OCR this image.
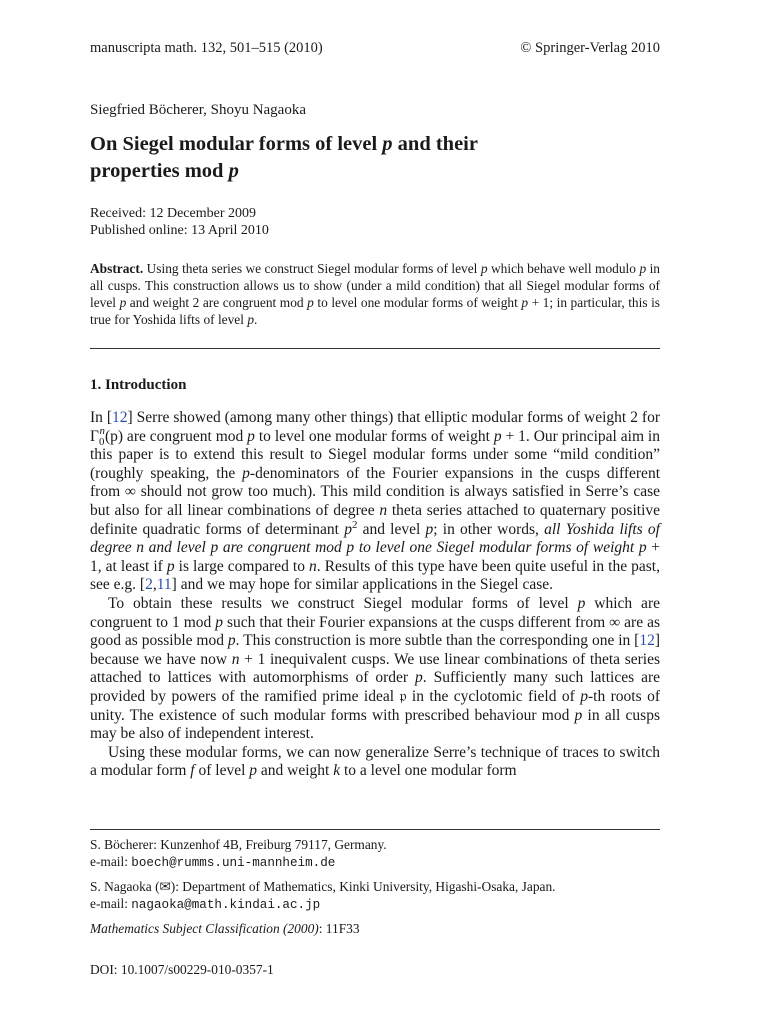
manuscripta math. 132, 501–515 (2010)	© Springer-Verlag 2010
Siegfried Böcherer, Shoyu Nagaoka
On Siegel modular forms of level p and their
properties mod p
Received: 12 December 2009
Published online: 13 April 2010

Abstract. Using theta series we construct Siegel modular forms of level p which behave well modulo p in all cusps. This construction allows us to show (under a mild condition) that all Siegel modular forms of level p and weight 2 are congruent mod p to level one modular forms of weight p + 1; in particular, this is true for Yoshida lifts of level p.

1. Introduction

In [12] Serre showed (among many other things) that elliptic modular forms of weight 2 for $\Gamma_0^n(p)$ are congruent mod p to level one modular forms of weight p + 1. Our principal aim in this paper is to extend this result to Siegel modular forms under some “mild condition” (roughly speaking, the p-denominators of the Fourier expansions in the cusps different from ∞ should not grow too much). This mild condition is always satisfied in Serre’s case but also for all linear combinations of degree n theta series attached to quaternary positive definite quadratic forms of determinant $p^2$ and level p; in other words, all Yoshida lifts of degree n and level p are congruent mod p to level one Siegel modular forms of weight p + 1, at least if p is large compared to n. Results of this type have been quite useful in the past, see e.g. [2,11] and we may hope for similar applications in the Siegel case.

To obtain these results we construct Siegel modular forms of level p which are congruent to 1 mod p such that their Fourier expansions at the cusps different from ∞ are as good as possible mod p. This construction is more subtle than the corresponding one in [12] because we have now n + 1 inequivalent cusps. We use linear combinations of theta series attached to lattices with automorphisms of order p. Sufficiently many such lattices are provided by powers of the ramified prime ideal 𝔭 in the cyclotomic field of p-th roots of unity. The existence of such modular forms with prescribed behaviour mod p in all cusps may be also of independent interest.

Using these modular forms, we can now generalize Serre’s technique of traces to switch a modular form f of level p and weight k to a level one modular form

S. Böcherer: Kunzenhof 4B, Freiburg 79117, Germany.
e-mail: boech@rumms.uni-mannheim.de
S. Nagaoka (✉): Department of Mathematics, Kinki University, Higashi-Osaka, Japan.
e-mail: nagaoka@math.kindai.ac.jp
Mathematics Subject Classification (2000): 11F33
DOI: 10.1007/s00229-010-0357-1
